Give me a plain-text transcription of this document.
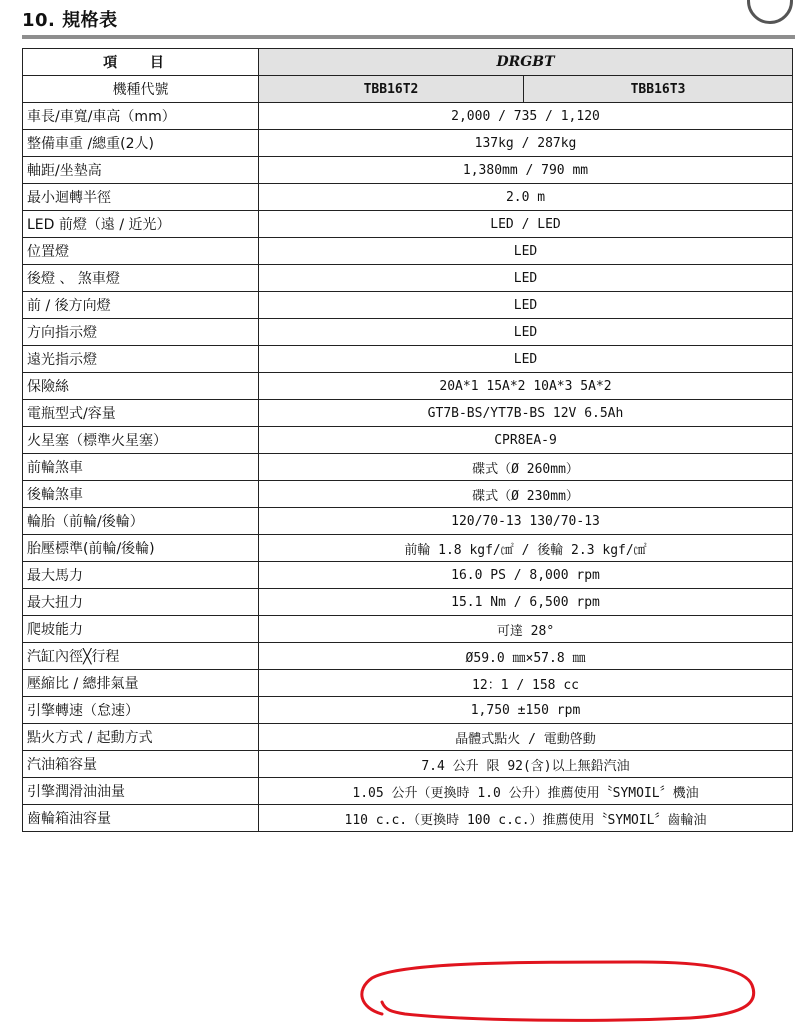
10. 規格表
項 目	DRGBT	
機種代號	TBB16T2	TBB16T3
車長/車寬/車高（mm）	2,000 / 735 / 1,120	
整備車重 /總重(2人)	137kg / 287kg	
軸距/坐墊高	1,380mm / 790 mm	
最小迴轉半徑	2.0 m	
LED 前燈（遠 / 近光）	LED / LED	
位置燈	LED	
後燈 、 煞車燈	LED	
前 / 後方向燈	LED	
方向指示燈	LED	
遠光指示燈	LED	
保險絲	20A*1 15A*2 10A*3 5A*2	
電瓶型式/容量	GT7B-BS/YT7B-BS 12V 6.5Ah	
火星塞（標準火星塞）	CPR8EA-9	
前輪煞車	碟式（Ø 260mm）	
後輪煞車	碟式（Ø 230mm）	
輪胎（前輪/後輪）	120/70-13 130/70-13	
胎壓標準(前輪/後輪)	前輪 1.8 kgf/㎠ / 後輪 2.3 kgf/㎠	
最大馬力	16.0 PS / 8,000 rpm	
最大扭力	15.1 Nm / 6,500 rpm	
爬坡能力	可達 28°	
汽缸內徑╳行程	Ø59.0 ㎜×57.8 ㎜	
壓縮比 / 總排氣量	12：1 / 158 cc	
引擎轉速（怠速）	1,750 ±150 rpm	
點火方式 / 起動方式	晶體式點火 / 電動啓動	
汽油箱容量	7.4 公升 限 92(含)以上無鉛汽油	
引擎潤滑油油量	1.05 公升（更換時 1.0 公升）推薦使用〝SYMOIL〞機油	
齒輪箱油容量	110 c.c.（更換時 100 c.c.）推薦使用〝SYMOIL〞齒輪油	
